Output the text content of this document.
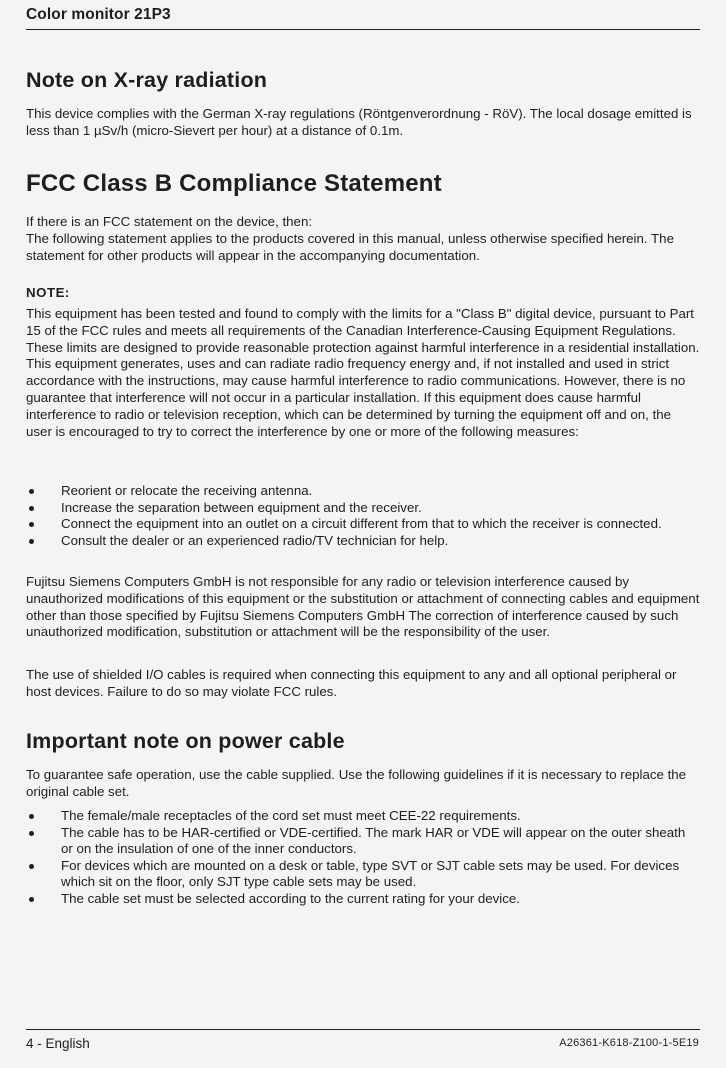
Color monitor 21P3
Note on X-ray radiation

This device complies with the German X-ray regulations (Röntgenverordnung - RöV). The local dosage emitted is less than 1 µSv/h (micro-Sievert per hour) at a distance of 0.1m.

FCC Class B Compliance Statement

If there is an FCC statement on the device, then:

The following statement applies to the products covered in this manual, unless otherwise specified herein. The statement for other products will appear in the accompanying documentation.

NOTE:

This equipment has been tested and found to comply with the limits for a "Class B" digital device, pursuant to Part 15 of the FCC rules and meets all requirements of the Canadian Interference-Causing Equipment Regulations. These limits are designed to provide reasonable protection against harmful interference in a residential installation. This equipment generates, uses and can radiate radio frequency energy and, if not installed and used in strict accordance with the instructions, may cause harmful interference to radio communications. However, there is no guarantee that interference will not occur in a particular installation. If this equipment does cause harmful interference to radio or television reception, which can be determined by turning the equipment off and on, the user is encouraged to try to correct the interference by one or more of the following measures:

Reorient or relocate the receiving antenna.
Increase the separation between equipment and the receiver.
Connect the equipment into an outlet on a circuit different from that to which the receiver is connected.
Consult the dealer or an experienced radio/TV technician for help.

Fujitsu Siemens Computers GmbH is not responsible for any radio or television interference caused by unauthorized modifications of this equipment or the substitution or attachment of connecting cables and equipment other than those specified by Fujitsu Siemens Computers GmbH The correction of interference caused by such unauthorized modification, substitution or attachment will be the responsibility of the user.

The use of shielded I/O cables is required when connecting this equipment to any and all optional peripheral or host devices. Failure to do so may violate FCC rules.

Important note on power cable

To guarantee safe operation, use the cable supplied. Use the following guidelines if it is necessary to replace the original cable set.

The female/male receptacles of the cord set must meet CEE-22 requirements.
The cable has to be HAR-certified or VDE-certified. The mark HAR or VDE will appear on the outer sheath or on the insulation of one of the inner conductors.
For devices which are mounted on a desk or table, type SVT or SJT cable sets may be used. For devices which sit on the floor, only SJT type cable sets may be used.
The cable set must be selected according to the current rating for your device.
4 - English	A26361-K618-Z100-1-5E19
